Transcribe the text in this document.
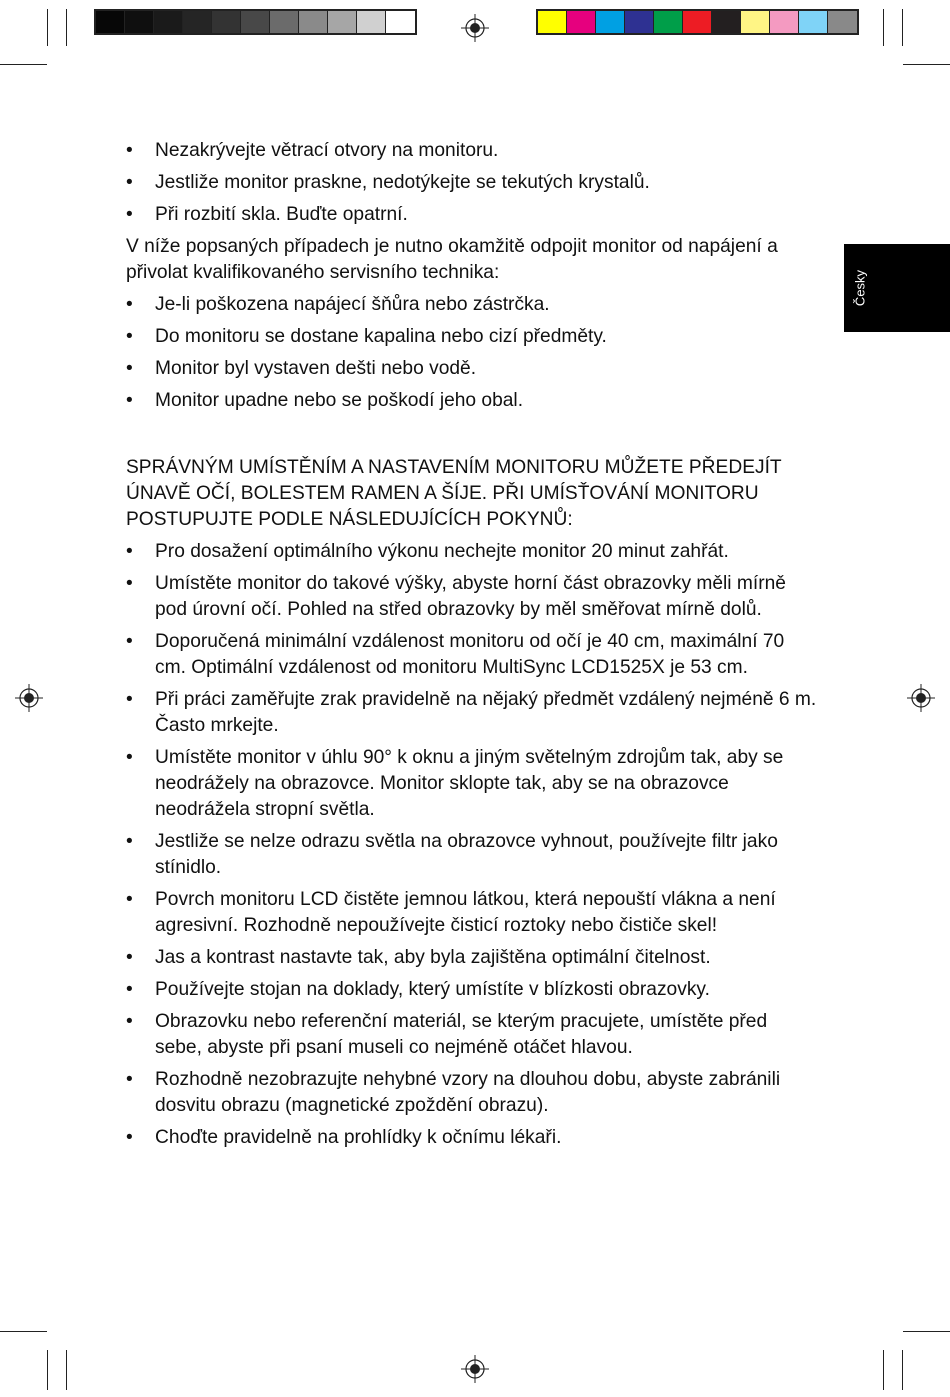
Česky
• Nezakrývejte větrací otvory na monitoru.
• Jestliže monitor praskne, nedotýkejte se tekutých krystalů.
• Při rozbití skla. Buďte opatrní.

V níže popsaných případech je nutno okamžitě odpojit monitor od napájení a přivolat kvalifikovaného servisního technika:

• Je-li poškozena napájecí šňůra nebo zástrčka.
• Do monitoru se dostane kapalina nebo cizí předměty.
• Monitor byl vystaven dešti nebo vodě.
• Monitor upadne nebo se poškodí jeho obal.

SPRÁVNÝM UMÍSTĚNÍM A NASTAVENÍM MONITORU MŮŽETE PŘEDEJÍT ÚNAVĚ OČÍ, BOLESTEM RAMEN A ŠÍJE. PŘI UMÍSŤOVÁNÍ MONITORU POSTUPUJTE PODLE NÁSLEDUJÍCÍCH POKYNŮ:

• Pro dosažení optimálního výkonu nechejte monitor 20 minut zahřát.
• Umístěte monitor do takové výšky, abyste horní část obrazovky měli mírně pod úrovní očí. Pohled na střed obrazovky by měl směřovat mírně dolů.
• Doporučená minimální vzdálenost monitoru od očí je 40 cm, maximální 70 cm. Optimální vzdálenost od monitoru MultiSync LCD1525X je 53 cm.
• Při práci zaměřujte zrak pravidelně na nějaký předmět vzdálený nejméně 6 m. Často mrkejte.
• Umístěte monitor v úhlu 90° k oknu a jiným světelným zdrojům tak, aby se neodrážely na obrazovce. Monitor sklopte tak, aby se na obrazovce neodrážela stropní světla.
• Jestliže se nelze odrazu světla na obrazovce vyhnout, používejte filtr jako stínidlo.
• Povrch monitoru LCD čistěte jemnou látkou, která nepouští vlákna a není agresivní. Rozhodně nepoužívejte čisticí roztoky nebo čističe skel!
• Jas a kontrast nastavte tak, aby byla zajištěna optimální čitelnost.
• Používejte stojan na doklady, který umístíte v blízkosti obrazovky.
• Obrazovku nebo referenční materiál, se kterým pracujete, umístěte před sebe, abyste při psaní museli co nejméně otáčet hlavou.
• Rozhodně nezobrazujte nehybné vzory na dlouhou dobu, abyste zabránili dosvitu obrazu (magnetické zpoždění obrazu).
• Choďte pravidelně na prohlídky k očnímu lékaři.
